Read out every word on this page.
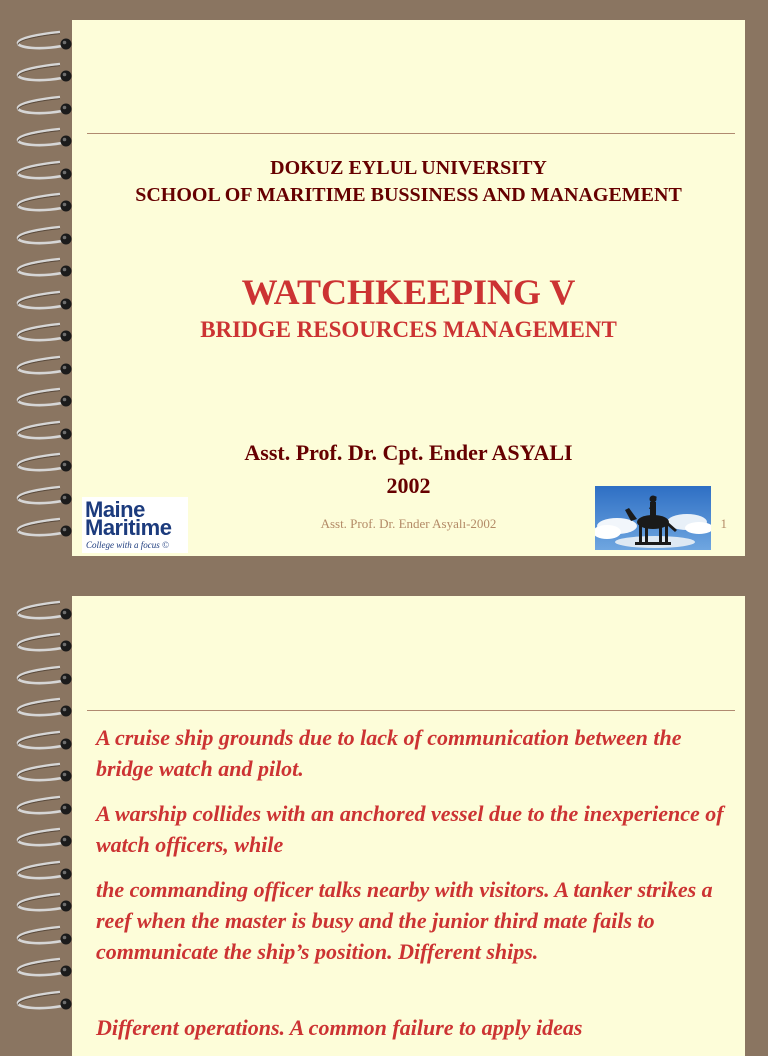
DOKUZ EYLUL UNIVERSITY
SCHOOL OF MARITIME BUSSINESS AND MANAGEMENT
WATCHKEEPING V
BRIDGE RESOURCES MANAGEMENT
Asst. Prof. Dr. Cpt. Ender ASYALI
2002
Maine
Maritime
College with a focus ©
Asst. Prof. Dr. Ender Asyalı-2002	1
A cruise ship grounds due to lack of communication between the bridge watch and pilot.
A warship collides with an anchored vessel due to the inexperience of watch officers, while
the commanding officer talks nearby with visitors. A tanker strikes a reef when the master is busy and the junior third mate fails to communicate the ship’s position. Different ships.
Different operations. A common failure to apply ideas
